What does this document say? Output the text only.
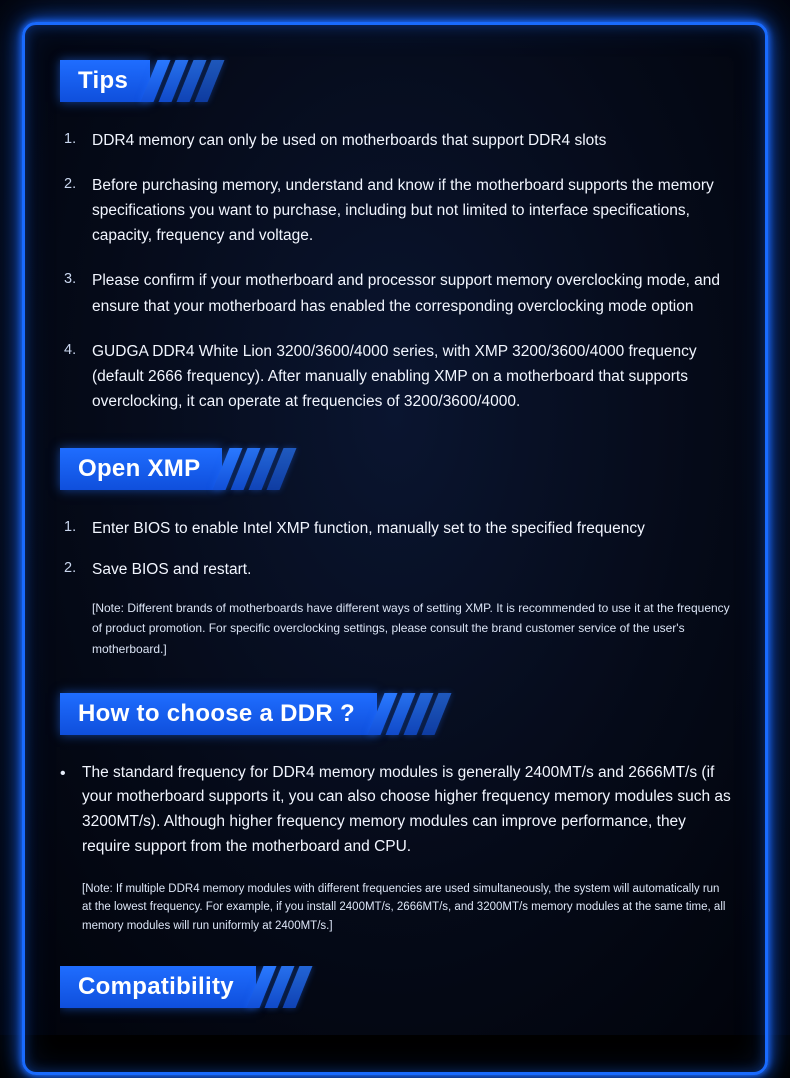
Tips
1.	DDR4 memory can only be used on motherboards that support DDR4 slots
2.	Before purchasing memory, understand and know if the motherboard supports the memory specifications you want to purchase, including but not limited to interface specifications, capacity, frequency and voltage.
3.	Please confirm if your motherboard and processor support memory overclocking mode, and ensure that your motherboard has enabled the corresponding overclocking mode option
4.	GUDGA DDR4 White Lion 3200/3600/4000 series, with XMP 3200/3600/4000 frequency (default 2666 frequency). After manually enabling XMP on a motherboard that supports overclocking, it can operate at frequencies of 3200/3600/4000.
Open XMP
1.	Enter BIOS to enable Intel XMP function, manually set to the specified frequency
2.	Save BIOS and restart.

[Note: Different brands of motherboards have different ways of setting XMP. It is recommended to use it at the frequency of product promotion. For specific overclocking settings, please consult the brand customer service of the user's motherboard.]

How to choose a DDR ?
•	The standard frequency for DDR4 memory modules is generally 2400MT/s and 2666MT/s (if your motherboard supports it, you can also choose higher frequency memory modules such as 3200MT/s). Although higher frequency memory modules can improve performance, they require support from the motherboard and CPU.

[Note: If multiple DDR4 memory modules with different frequencies are used simultaneously, the system will automatically run at the lowest frequency. For example, if you install 2400MT/s, 2666MT/s, and 3200MT/s memory modules at the same time, all memory modules will run uniformly at 2400MT/s.]

Compatibility
